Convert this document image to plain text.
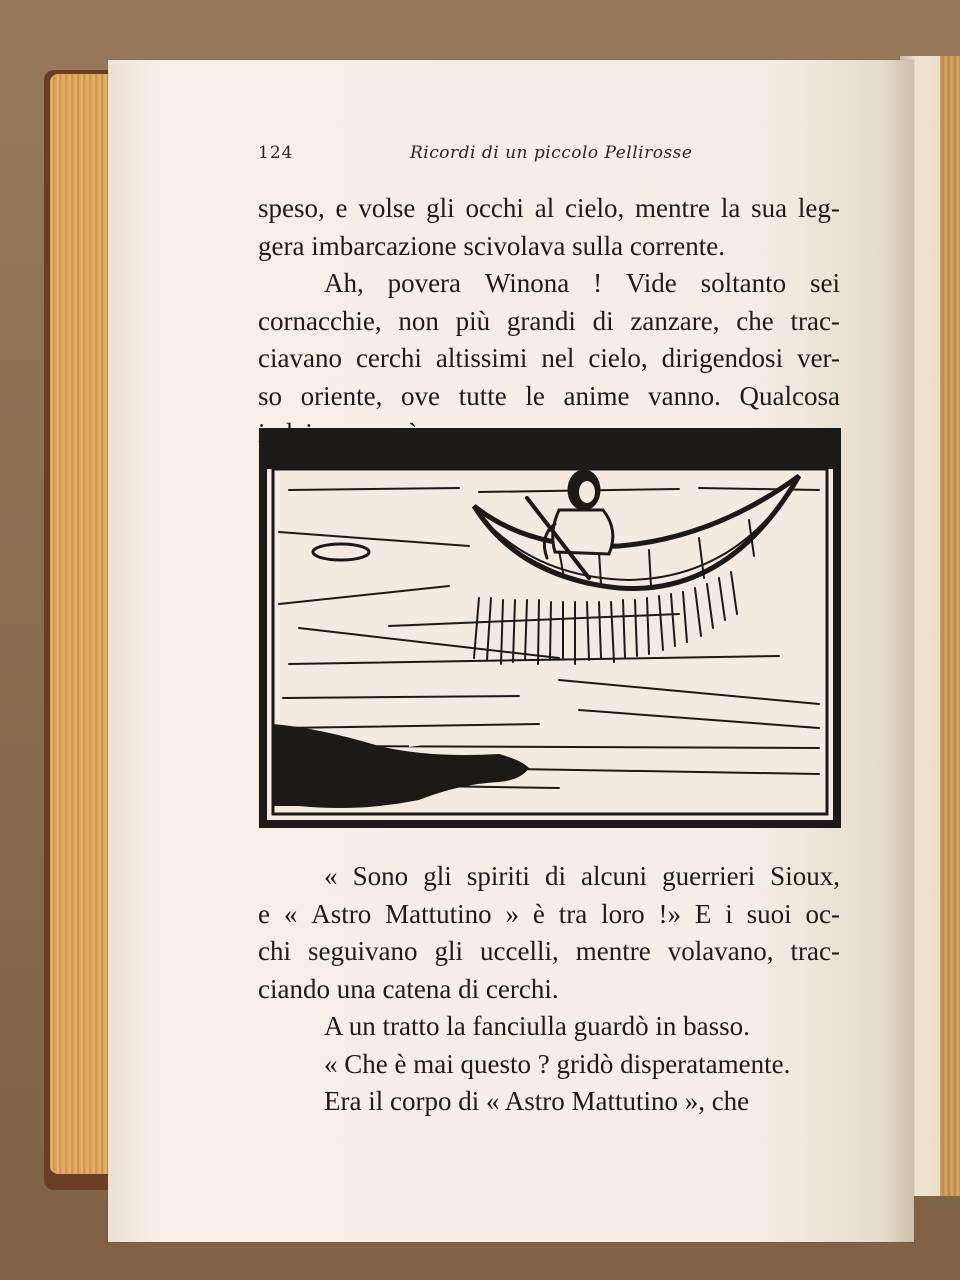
124	Ricordi di un piccolo Pellirosse
speso, e volse gli occhi al cielo, mentre la sua leg-
gera imbarcazione scivolava sulla corrente.
Ah, povera Winona ! Vide soltanto sei
cornacchie, non più grandi di zanzare, che trac-
ciavano cerchi altissimi nel cielo, dirigendosi ver-
so oriente, ove tutte le anime vanno. Qualcosa
« Sono gli spiriti di alcuni guerrieri Sioux,
e « Astro Mattutino » è tra loro !» E i suoi oc-
chi seguivano gli uccelli, mentre volavano, trac-
ciando una catena di cerchi.
A un tratto la fanciulla guardò in basso.
« Che è mai questo ? gridò disperatamente.
Era il corpo di « Astro Mattutino », che
